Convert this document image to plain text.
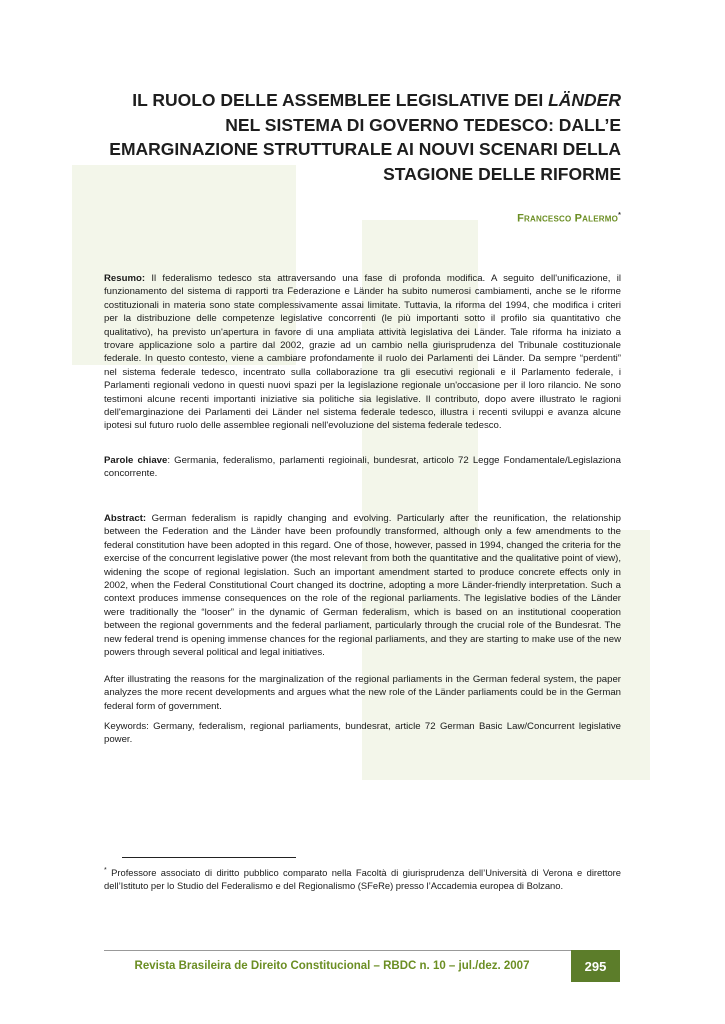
IL RUOLO DELLE ASSEMBLEE LEGISLATIVE DEI LÄNDER NEL SISTEMA DI GOVERNO TEDESCO: DALL’E EMARGINAZIONE STRUTTURALE AI NOUVI SCENARI DELLA STAGIONE DELLE RIFORME
Francesco Palermo*

Resumo: Il federalismo tedesco sta attraversando una fase di profonda modifica. A seguito dell'unificazione, il funzionamento del sistema di rapporti tra Federazione e Länder ha subito numerosi cambiamenti, anche se le riforme costituzionali in materia sono state complessivamente assai limitate. Tuttavia, la riforma del 1994, che modifica i criteri per la distribuzione delle competenze legislative concorrenti (le più importanti sotto il profilo sia quantitativo che qualitativo), ha previsto un'apertura in favore di una ampliata attività legislativa dei Länder. Tale riforma ha iniziato a trovare applicazione solo a partire dal 2002, grazie ad un cambio nella giurisprudenza del Tribunale costituzionale federale. In questo contesto, viene a cambiare profondamente il ruolo dei Parlamenti dei Länder. Da sempre “perdenti” nel sistema federale tedesco, incentrato sulla collaborazione tra gli esecutivi regionali e il Parlamento federale, i Parlamenti regionali vedono in questi nuovi spazi per la legislazione regionale un'occasione per il loro rilancio. Ne sono testimoni alcune recenti importanti iniziative sia politiche sia legislative. Il contributo, dopo avere illustrato le ragioni dell'emarginazione dei Parlamenti dei Länder nel sistema federale tedesco, illustra i recenti sviluppi e avanza alcune ipotesi sul futuro ruolo delle assemblee regionali nell'evoluzione del sistema federale tedesco.

Parole chiave: Germania, federalismo, parlamenti regioinali, bundesrat, articolo 72 Legge Fondamentale/Legislaziona concorrente.

Abstract: German federalism is rapidly changing and evolving. Particularly after the reunification, the relationship between the Federation and the Länder have been profoundly transformed, although only a few amendments to the federal constitution have been adopted in this regard. One of those, however, passed in 1994, changed the criteria for the exercise of the concurrent legislative power (the most relevant from both the quantitative and the qualitative point of view), widening the scope of regional legislation. Such an important amendment started to produce concrete effects only in 2002, when the Federal Constitutional Court changed its doctrine, adopting a more Länder-friendly interpretation. Such a context produces immense consequences on the role of the regional parliaments. The legislative bodies of the Länder were traditionally the “looser” in the dynamic of German federalism, which is based on an institutional cooperation between the regional governments and the federal parliament, particularly through the crucial role of the Bundesrat. The new federal trend is opening immense chances for the regional parliaments, and they are starting to make use of the new powers through several political and legal initiatives.

After illustrating the reasons for the marginalization of the regional parliaments in the German federal system, the paper analyzes the more recent developments and argues what the new role of the Länder parliaments could be in the German federal form of government.

Keywords: Germany, federalism, regional parliaments, bundesrat, article 72 German Basic Law/Concurrent legislative power.

* Professore associato di diritto pubblico comparato nella Facoltà di giurisprudenza dell’Università di Verona e direttore dell’Istituto per lo Studio del Federalismo e del Regionalismo (SFeRe) presso l’Accademia europea di Bolzano.

Revista Brasileira de Direito Constitucional – RBDC n. 10 – jul./dez. 2007	295
